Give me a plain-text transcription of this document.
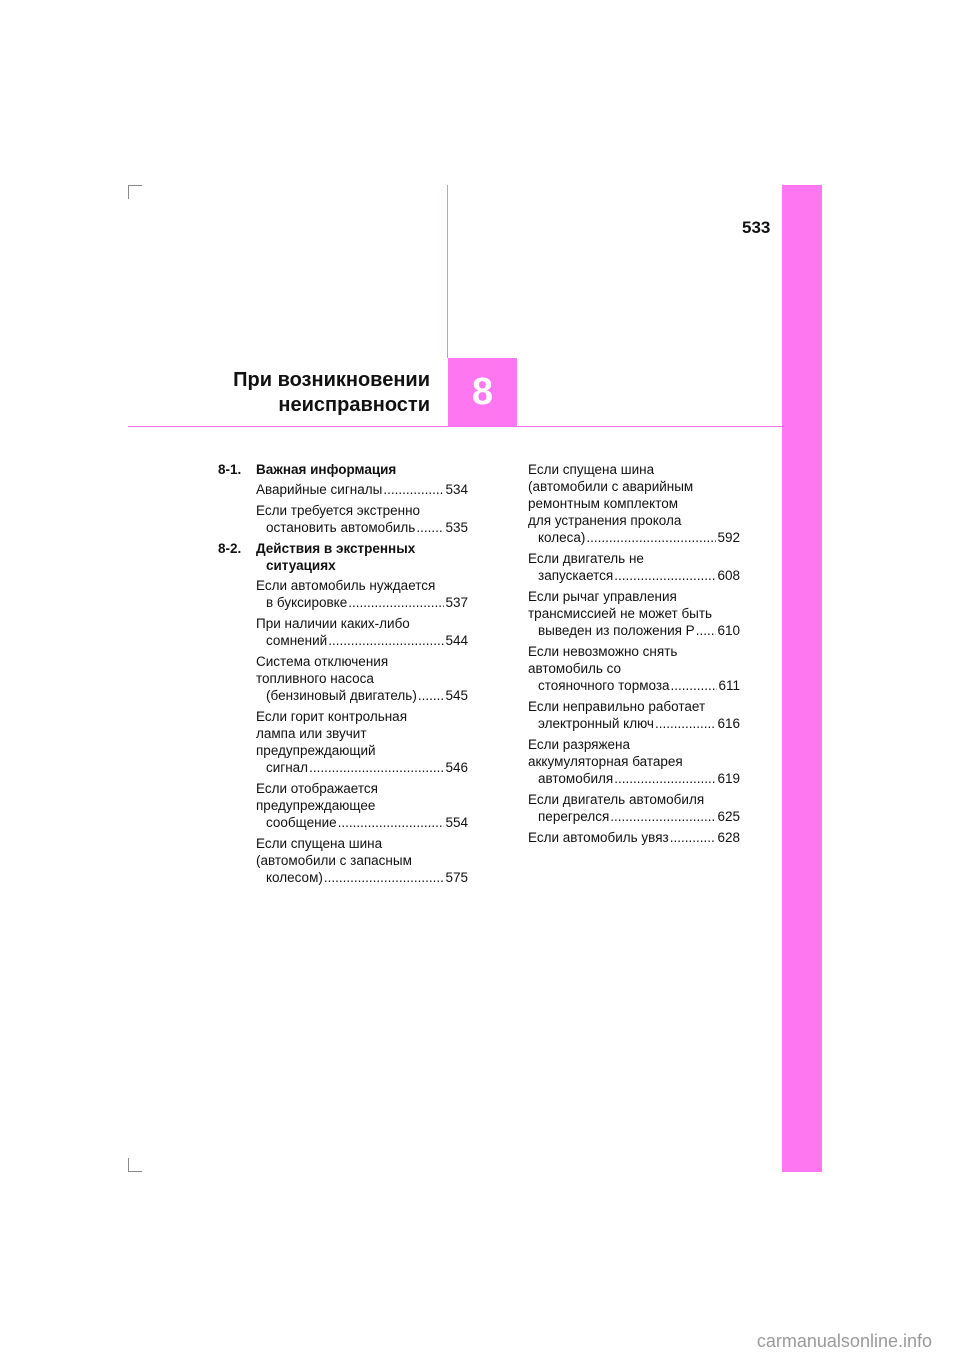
533
При возникновении
неисправности	8
8-1.	Важная информация
Аварийные сигналы .....	534
Если требуется экстренно
остановить автомобиль ..... 535
8-2.	Действия в экстренных ситуациях
Если автомобиль нуждается
в буксировке .....	537
При наличии каких-либо
сомнений .....	544
Система отключения
топливного насоса
(бензиновый двигатель) ..... 545
Если горит контрольная
лампа или звучит
предупреждающий
сигнал .....	546
Если отображается
предупреждающее
сообщение .....	554
Если спущена шина
(автомобили с запасным
колесом) .....	575
Если спущена шина
(автомобили с аварийным
ремонтным комплектом
для устранения прокола
колеса) .....	592
Если двигатель не
запускается .....	608
Если рычаг управления
трансмиссией не может быть
выведен из положения P ..... 610
Если невозможно снять
автомобиль со
стояночного тормоза .....	611
Если неправильно работает
электронный ключ .....	616
Если разряжена
аккумуляторная батарея
автомобиля .....	619
Если двигатель автомобиля
перегрелся .....	625
Если автомобиль увяз .....	628
carmanualsonline.info
